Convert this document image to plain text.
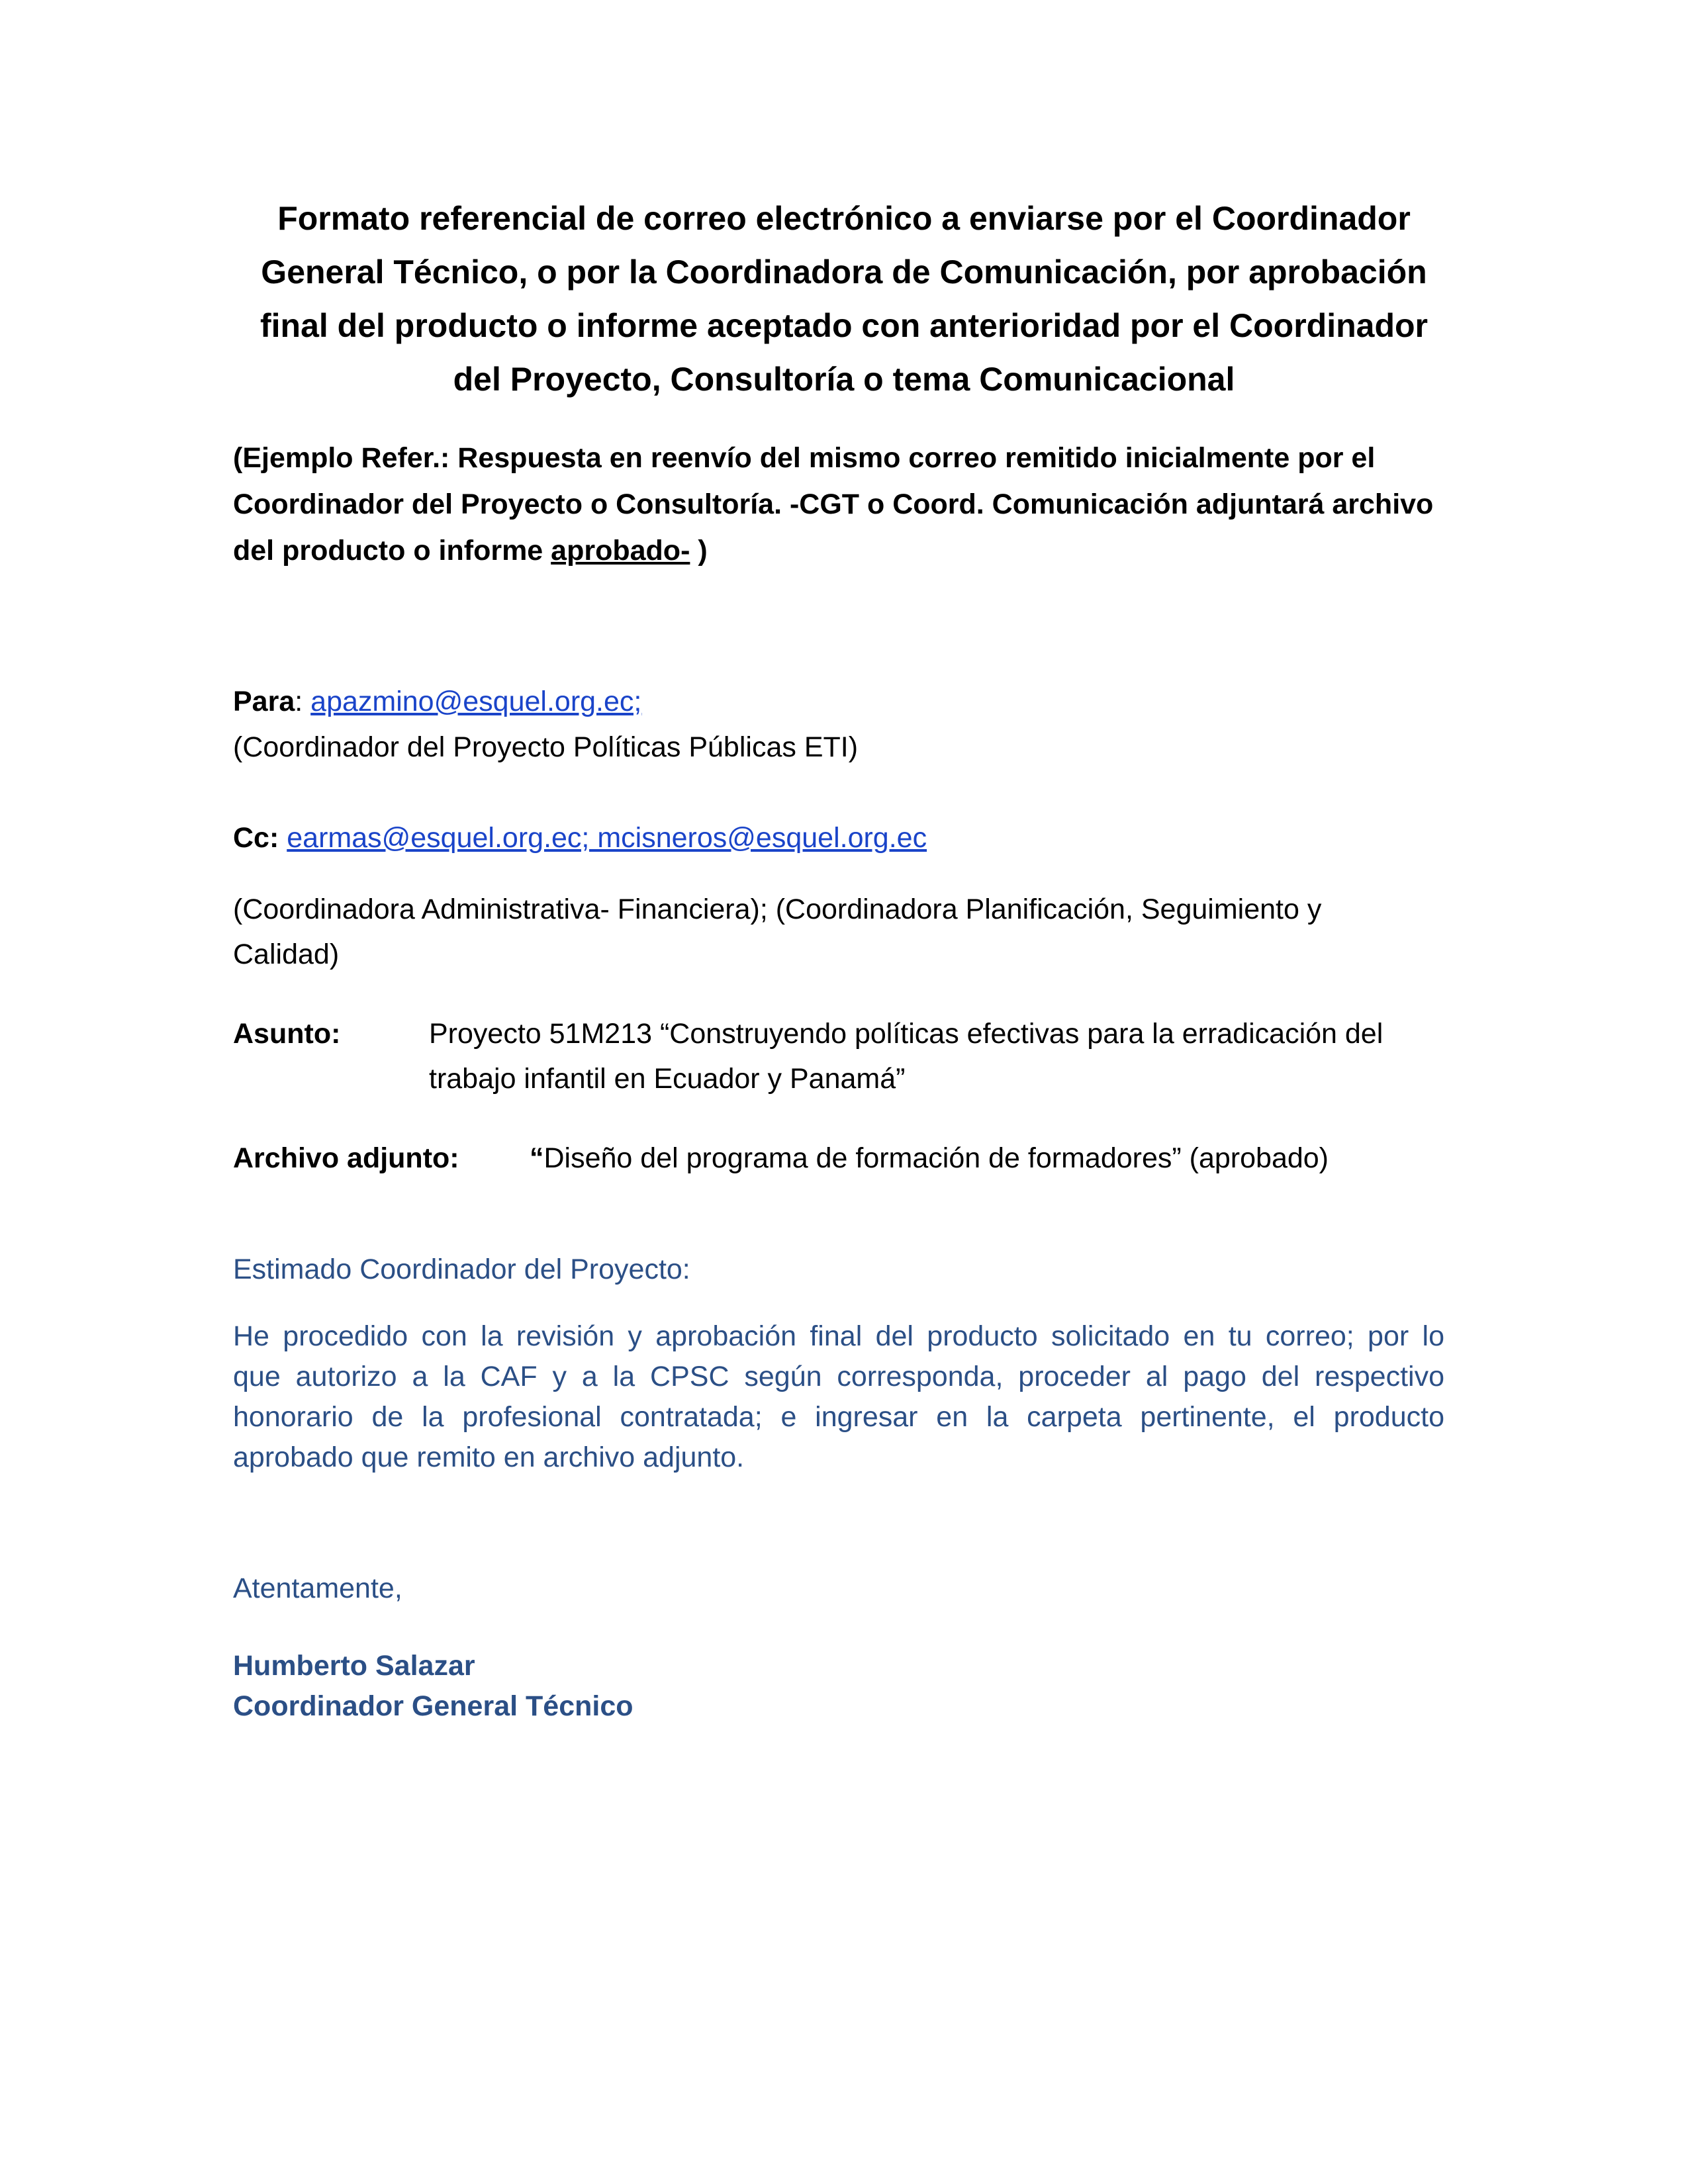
Formato referencial de correo electrónico a enviarse por el Coordinador
General Técnico, o por la Coordinadora de Comunicación, por aprobación
final del producto o informe aceptado con anterioridad por el Coordinador
del Proyecto, Consultoría o tema Comunicacional
(Ejemplo Refer.: Respuesta en reenvío del mismo correo remitido inicialmente por el
Coordinador del Proyecto o Consultoría. -CGT o Coord. Comunicación adjuntará archivo
del producto o informe aprobado- )
Para: apazmino@esquel.org.ec;
(Coordinador del Proyecto Políticas Públicas ETI)
Cc: earmas@esquel.org.ec; mcisneros@esquel.org.ec
(Coordinadora Administrativa- Financiera); (Coordinadora Planificación, Seguimiento y
Calidad)
Asunto:	Proyecto 51M213 “Construyendo políticas efectivas para la erradicación del
trabajo infantil en Ecuador y Panamá”
Archivo adjunto: “Diseño del programa de formación de formadores” (aprobado)
Estimado Coordinador del Proyecto:
He procedido con la revisión y aprobación final del producto solicitado en tu correo; por lo
que autorizo a la CAF y a la CPSC según corresponda, proceder al pago del respectivo
honorario de la profesional contratada; e ingresar en la carpeta pertinente, el producto
aprobado que remito en archivo adjunto.
Atentamente,
Humberto Salazar
Coordinador General Técnico
